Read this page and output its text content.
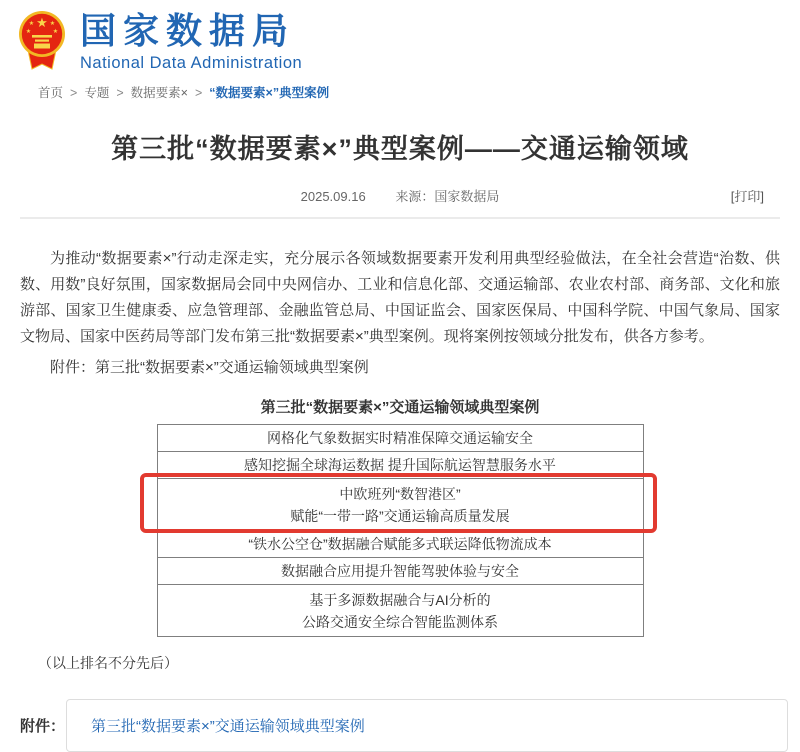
★
★	★
★	★ 国家数据局
National Data Administration
首页 > 专题 > 数据要素× > “数据要素×”典型案例
第三批“数据要素×”典型案例——交通运输领域
2025.09.16 来源：国家数据局	[打印]

为推动“数据要素×”行动走深走实，充分展示各领域数据要素开发利用典型经验做法，在全社会营造“治数、供数、用数”良好氛围，国家数据局会同中央网信办、工业和信息化部、交通运输部、农业农村部、商务部、文化和旅游部、国家卫生健康委、应急管理部、金融监管总局、中国证监会、国家医保局、中国科学院、中国气象局、国家文物局、国家中医药局等部门发布第三批“数据要素×”典型案例。现将案例按领域分批发布，供各方参考。

附件：第三批“数据要素×”交通运输领域典型案例

第三批“数据要素×”交通运输领域典型案例
网格化气象数据实时精准保障交通运输安全

感知挖掘全球海运数据 提升国际航运智慧服务水平

中欧班列“数智港区”
赋能“一带一路”交通运输高质量发展

“铁水公空仓”数据融合赋能多式联运降低物流成本

数据融合应用提升智能驾驶体验与安全

基于多源数据融合与AI分析的
公路交通安全综合智能监测体系
（以上排名不分先后）
附件：	第三批“数据要素×”交通运输领域典型案例
